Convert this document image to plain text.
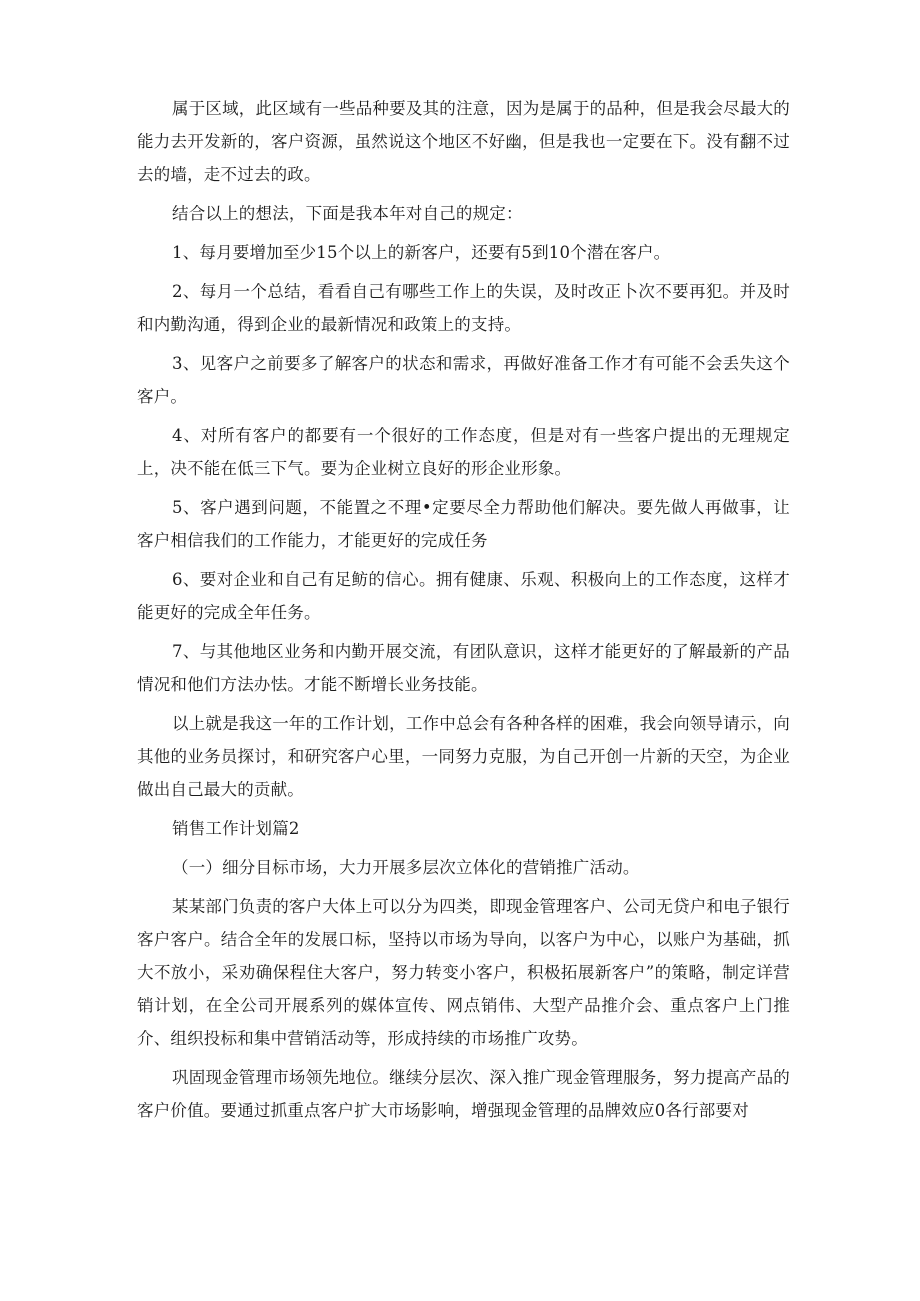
属于区域，此区域有一些品种要及其的注意，因为是属于的品种，但是我会尽最大的能力去开发新的，客户资源，虽然说这个地区不好幽，但是我也一定要在下。没有翻不过去的墙，走不过去的政。

结合以上的想法，下面是我本年对自己的规定：

1、每月要增加至少15个以上的新客户，还要有5到10个潜在客户。

2、每月一个总结，看看自己有哪些工作上的失误，及时改正卜次不要再犯。并及时和内勤沟通，得到企业的最新情况和政策上的支持。

3、见客户之前要多了解客户的状态和需求，再做好准备工作才有可能不会丢失这个客户。

4、对所有客户的都要有一个很好的工作态度，但是对有一些客户提出的无理规定上，决不能在低三下气。要为企业树立良好的形企业形象。

5、客户遇到问题，不能置之不理•定要尽全力帮助他们解决。要先做人再做事，让客户相信我们的工作能力，才能更好的完成任务

6、要对企业和自己有足鲂的信心。拥有健康、乐观、积极向上的工作态度，这样才能更好的完成全年任务。

7、与其他地区业务和内勤开展交流，有团队意识，这样才能更好的了解最新的产品情况和他们方法办怯。才能不断增长业务技能。

以上就是我这一年的工作计划，工作中总会有各种各样的困难，我会向领导请示，向其他的业务员探讨，和研究客户心里，一同努力克服，为自己开创一片新的天空，为企业做出自己最大的贡献。

销售工作计划篇2

（一）细分目标市场，大力开展多层次立体化的营销推广活动。

某某部门负责的客户大体上可以分为四类，即现金管理客户、公司无贷户和电子银行客户客户。结合全年的发展口标，坚持以市场为导向，以客户为中心，以账户为基础，抓大不放小，采劝确保程住大客户，努力转变小客户，积极拓展新客户”的策略，制定详营销计划，在全公司开展系列的媒体宣传、网点销伟、大型产品推介会、重点客户上门推介、组织投标和集中营销活动等，形成持续的市场推广攻势。

巩固现金管理市场领先地位。继续分层次、深入推广现金管理服务，努力提高产品的客户价值。要通过抓重点客户扩大市场影响，增强现金管理的品牌效应0各行部要对
